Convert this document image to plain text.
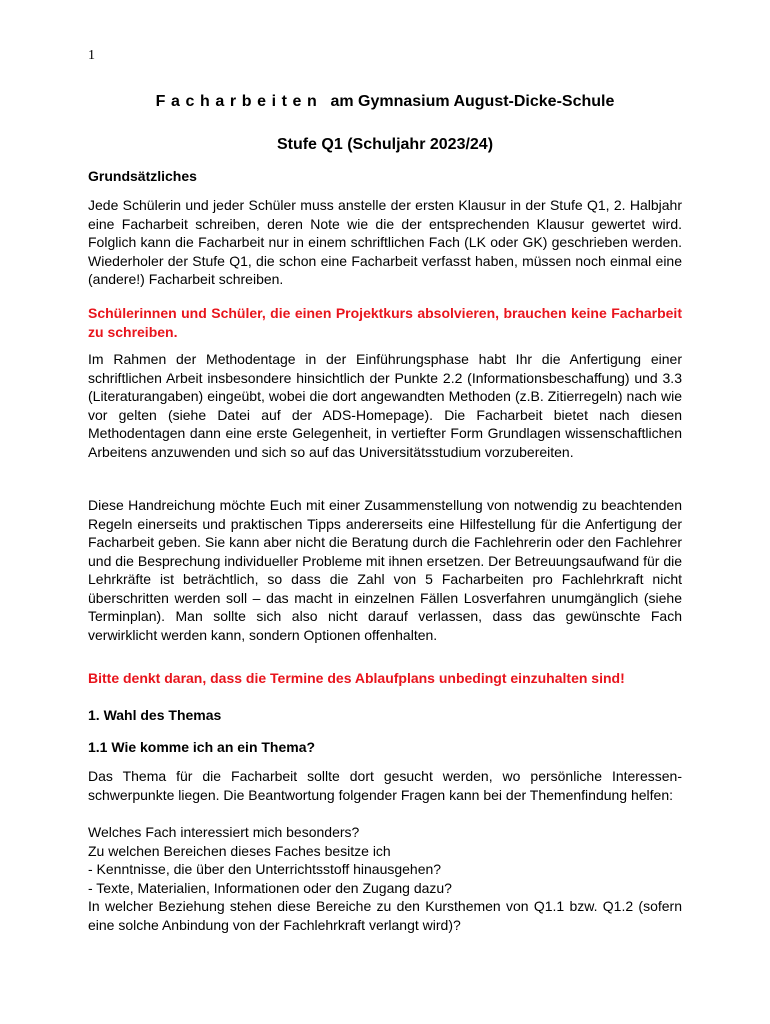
1
Facharbeiten am Gymnasium August-Dicke-Schule
Stufe Q1 (Schuljahr 2023/24)
Grundsätzliches
Jede Schülerin und jeder Schüler muss anstelle der ersten Klausur in der Stufe Q1, 2. Halbjahr eine Facharbeit schreiben, deren Note wie die der entsprechenden Klausur gewertet wird. Folglich kann die Facharbeit nur in einem schriftlichen Fach (LK oder GK) geschrieben werden. Wiederholer der Stufe Q1, die schon eine Facharbeit verfasst haben, müssen noch einmal eine (andere!) Facharbeit schreiben.
Schülerinnen und Schüler, die einen Projektkurs absolvieren, brauchen keine Facharbeit zu schreiben.
Im Rahmen der Methodentage in der Einführungsphase habt Ihr die Anfertigung einer schriftlichen Arbeit insbesondere hinsichtlich der Punkte 2.2 (Informationsbeschaffung) und 3.3 (Literaturangaben) eingeübt, wobei die dort angewandten Methoden (z.B. Zitierregeln) nach wie vor gelten (siehe Datei auf der ADS-Homepage). Die Facharbeit bietet nach diesen Methodentagen dann eine erste Gelegenheit, in vertiefter Form Grundlagen wissenschaftlichen Arbeitens anzuwenden und sich so auf das Universitätsstudium vorzubereiten.
Diese Handreichung möchte Euch mit einer Zusammenstellung von notwendig zu beachtenden Regeln einerseits und praktischen Tipps andererseits eine Hilfestellung für die Anfertigung der Facharbeit geben. Sie kann aber nicht die Beratung durch die Fachlehrerin oder den Fachlehrer und die Besprechung individueller Probleme mit ihnen ersetzen. Der Betreuungsaufwand für die Lehrkräfte ist beträchtlich, so dass die Zahl von 5 Facharbeiten pro Fachlehrkraft nicht überschritten werden soll – das macht in einzelnen Fällen Losverfahren unumgänglich (siehe Terminplan). Man sollte sich also nicht darauf verlassen, dass das gewünschte Fach verwirklicht werden kann, sondern Optionen offenhalten.
Bitte denkt daran, dass die Termine des Ablaufplans unbedingt einzuhalten sind!
1. Wahl des Themas
1.1 Wie komme ich an ein Thema?
Das Thema für die Facharbeit sollte dort gesucht werden, wo persönliche Interessen-schwerpunkte liegen. Die Beantwortung folgender Fragen kann bei der Themenfindung helfen:

Welches Fach interessiert mich besonders?

Zu welchen Bereichen dieses Faches besitze ich

- Kenntnisse, die über den Unterrichtsstoff hinausgehen?

- Texte, Materialien, Informationen oder den Zugang dazu?

In welcher Beziehung stehen diese Bereiche zu den Kursthemen von Q1.1 bzw. Q1.2 (sofern eine solche Anbindung von der Fachlehrkraft verlangt wird)?
